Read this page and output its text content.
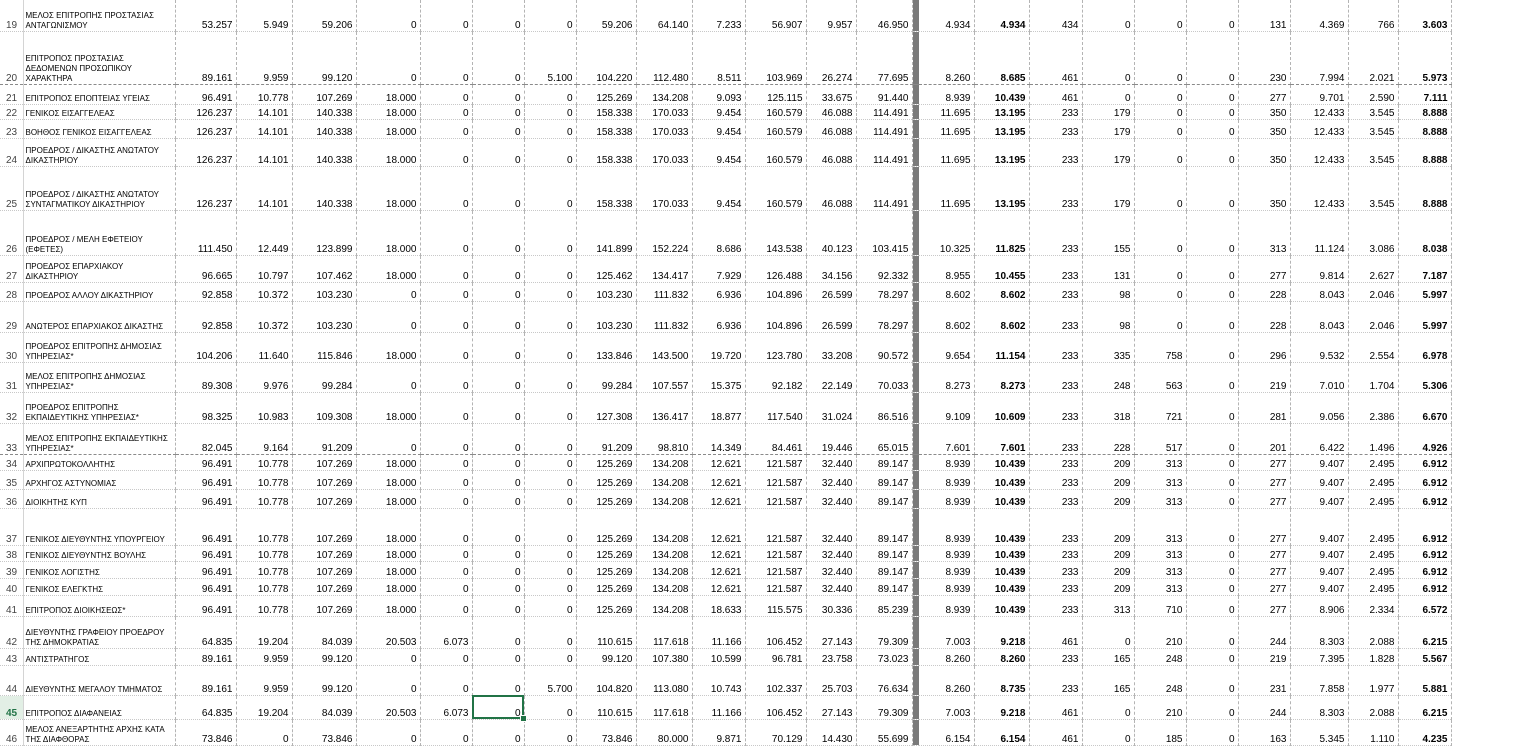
19	ΜΕΛΟΣ ΕΠΙΤΡΟΠΗΣ ΠΡΟΣΤΑΣΙΑΣ ΑΝΤΑΓΩΝΙΣΜΟΥ	53.257	5.949	59.206	0	0	0	0	59.206	64.140	7.233	56.907	9.957	46.950		4.934	4.934	434	0	0	0	131	4.369	766	3.603
20	ΕΠΙΤΡΟΠΟΣ ΠΡΟΣΤΑΣΙΑΣ ΔΕΔΟΜΕΝΩΝ ΠΡΟΣΩΠΙΚΟΥ ΧΑΡΑΚΤΗΡΑ	89.161	9.959	99.120	0	0	0	5.100	104.220	112.480	8.511	103.969	26.274	77.695		8.260	8.685	461	0	0	0	230	7.994	2.021	5.973
21	ΕΠΙΤΡΟΠΟΣ ΕΠΟΠΤΕΙΑΣ ΥΓΕΙΑΣ	96.491	10.778	107.269	18.000	0	0	0	125.269	134.208	9.093	125.115	33.675	91.440		8.939	10.439	461	0	0	0	277	9.701	2.590	7.111
22	ΓΕΝΙΚΟΣ ΕΙΣΑΓΓΕΛΕΑΣ	126.237	14.101	140.338	18.000	0	0	0	158.338	170.033	9.454	160.579	46.088	114.491		11.695	13.195	233	179	0	0	350	12.433	3.545	8.888
23	ΒΟΗΘΟΣ ΓΕΝΙΚΟΣ ΕΙΣΑΓΓΕΛΕΑΣ	126.237	14.101	140.338	18.000	0	0	0	158.338	170.033	9.454	160.579	46.088	114.491		11.695	13.195	233	179	0	0	350	12.433	3.545	8.888
24	ΠΡΟΕΔΡΟΣ / ΔΙΚΑΣΤΗΣ ΑΝΩΤΑΤΟΥ ΔΙΚΑΣΤΗΡΙΟΥ	126.237	14.101	140.338	18.000	0	0	0	158.338	170.033	9.454	160.579	46.088	114.491		11.695	13.195	233	179	0	0	350	12.433	3.545	8.888
25	ΠΡΟΕΔΡΟΣ / ΔΙΚΑΣΤΗΣ ΑΝΩΤΑΤΟΥ ΣΥΝΤΑΓΜΑΤΙΚΟΥ ΔΙΚΑΣΤΗΡΙΟΥ	126.237	14.101	140.338	18.000	0	0	0	158.338	170.033	9.454	160.579	46.088	114.491		11.695	13.195	233	179	0	0	350	12.433	3.545	8.888
26	ΠΡΟΕΔΡΟΣ / ΜΕΛΗ ΕΦΕΤΕΙΟΥ (ΕΦΕΤΕΣ)	111.450	12.449	123.899	18.000	0	0	0	141.899	152.224	8.686	143.538	40.123	103.415		10.325	11.825	233	155	0	0	313	11.124	3.086	8.038
27	ΠΡΟΕΔΡΟΣ ΕΠΑΡΧΙΑΚΟΥ ΔΙΚΑΣΤΗΡΙΟΥ	96.665	10.797	107.462	18.000	0	0	0	125.462	134.417	7.929	126.488	34.156	92.332		8.955	10.455	233	131	0	0	277	9.814	2.627	7.187
28	ΠΡΟΕΔΡΟΣ ΑΛΛΟΥ ΔΙΚΑΣΤΗΡΙΟΥ	92.858	10.372	103.230	0	0	0	0	103.230	111.832	6.936	104.896	26.599	78.297		8.602	8.602	233	98	0	0	228	8.043	2.046	5.997
29	ΑΝΩΤΕΡΟΣ ΕΠΑΡΧΙΑΚΟΣ ΔΙΚΑΣΤΗΣ	92.858	10.372	103.230	0	0	0	0	103.230	111.832	6.936	104.896	26.599	78.297		8.602	8.602	233	98	0	0	228	8.043	2.046	5.997
30	ΠΡΟΕΔΡΟΣ ΕΠΙΤΡΟΠΗΣ ΔΗΜΟΣΙΑΣ ΥΠΗΡΕΣΙΑΣ*	104.206	11.640	115.846	18.000	0	0	0	133.846	143.500	19.720	123.780	33.208	90.572		9.654	11.154	233	335	758	0	296	9.532	2.554	6.978
31	ΜΕΛΟΣ ΕΠΙΤΡΟΠΗΣ ΔΗΜΟΣΙΑΣ ΥΠΗΡΕΣΙΑΣ*	89.308	9.976	99.284	0	0	0	0	99.284	107.557	15.375	92.182	22.149	70.033		8.273	8.273	233	248	563	0	219	7.010	1.704	5.306
32	ΠΡΟΕΔΡΟΣ ΕΠΙΤΡΟΠΗΣ ΕΚΠΑΙΔΕΥΤΙΚΗΣ ΥΠΗΡΕΣΙΑΣ*	98.325	10.983	109.308	18.000	0	0	0	127.308	136.417	18.877	117.540	31.024	86.516		9.109	10.609	233	318	721	0	281	9.056	2.386	6.670
33	ΜΕΛΟΣ ΕΠΙΤΡΟΠΗΣ ΕΚΠΑΙΔΕΥΤΙΚΗΣ ΥΠΗΡΕΣΙΑΣ*	82.045	9.164	91.209	0	0	0	0	91.209	98.810	14.349	84.461	19.446	65.015		7.601	7.601	233	228	517	0	201	6.422	1.496	4.926
34	ΑΡΧΙΠΡΩΤΟΚΟΛΛΗΤΗΣ	96.491	10.778	107.269	18.000	0	0	0	125.269	134.208	12.621	121.587	32.440	89.147		8.939	10.439	233	209	313	0	277	9.407	2.495	6.912
35	ΑΡΧΗΓΟΣ ΑΣΤΥΝΟΜΙΑΣ	96.491	10.778	107.269	18.000	0	0	0	125.269	134.208	12.621	121.587	32.440	89.147		8.939	10.439	233	209	313	0	277	9.407	2.495	6.912
36	ΔΙΟΙΚΗΤΗΣ ΚΥΠ	96.491	10.778	107.269	18.000	0	0	0	125.269	134.208	12.621	121.587	32.440	89.147		8.939	10.439	233	209	313	0	277	9.407	2.495	6.912
37	ΓΕΝΙΚΟΣ ΔΙΕΥΘΥΝΤΗΣ ΥΠΟΥΡΓΕΙΟΥ	96.491	10.778	107.269	18.000	0	0	0	125.269	134.208	12.621	121.587	32.440	89.147		8.939	10.439	233	209	313	0	277	9.407	2.495	6.912
38	ΓΕΝΙΚΟΣ ΔΙΕΥΘΥΝΤΗΣ ΒΟΥΛΗΣ	96.491	10.778	107.269	18.000	0	0	0	125.269	134.208	12.621	121.587	32.440	89.147		8.939	10.439	233	209	313	0	277	9.407	2.495	6.912
39	ΓΕΝΙΚΟΣ ΛΟΓΙΣΤΗΣ	96.491	10.778	107.269	18.000	0	0	0	125.269	134.208	12.621	121.587	32.440	89.147		8.939	10.439	233	209	313	0	277	9.407	2.495	6.912
40	ΓΕΝΙΚΟΣ ΕΛΕΓΚΤΗΣ	96.491	10.778	107.269	18.000	0	0	0	125.269	134.208	12.621	121.587	32.440	89.147		8.939	10.439	233	209	313	0	277	9.407	2.495	6.912
41	ΕΠΙΤΡΟΠΟΣ ΔΙΟΙΚΗΣΕΩΣ*	96.491	10.778	107.269	18.000	0	0	0	125.269	134.208	18.633	115.575	30.336	85.239		8.939	10.439	233	313	710	0	277	8.906	2.334	6.572
42	ΔΙΕΥΘΥΝΤΗΣ ΓΡΑΦΕΙΟΥ ΠΡΟΕΔΡΟΥ ΤΗΣ ΔΗΜΟΚΡΑΤΙΑΣ	64.835	19.204	84.039	20.503	6.073	0	0	110.615	117.618	11.166	106.452	27.143	79.309		7.003	9.218	461	0	210	0	244	8.303	2.088	6.215
43	ΑΝΤΙΣΤΡΑΤΗΓΟΣ	89.161	9.959	99.120	0	0	0	0	99.120	107.380	10.599	96.781	23.758	73.023		8.260	8.260	233	165	248	0	219	7.395	1.828	5.567
44	ΔΙΕΥΘΥΝΤΗΣ ΜΕΓΑΛΟΥ ΤΜΗΜΑΤΟΣ	89.161	9.959	99.120	0	0	0	5.700	104.820	113.080	10.743	102.337	25.703	76.634		8.260	8.735	233	165	248	0	231	7.858	1.977	5.881
45	ΕΠΙΤΡΟΠΟΣ ΔΙΑΦΑΝΕΙΑΣ	64.835	19.204	84.039	20.503	6.073	0	0	110.615	117.618	11.166	106.452	27.143	79.309		7.003	9.218	461	0	210	0	244	8.303	2.088	6.215
46	ΜΕΛΟΣ ΑΝΕΞΑΡΤΗΤΗΣ ΑΡΧΗΣ ΚΑΤΑ ΤΗΣ ΔΙΑΦΘΟΡΑΣ	73.846	0	73.846	0	0	0	0	73.846	80.000	9.871	70.129	14.430	55.699		6.154	6.154	461	0	185	0	163	5.345	1.110	4.235
